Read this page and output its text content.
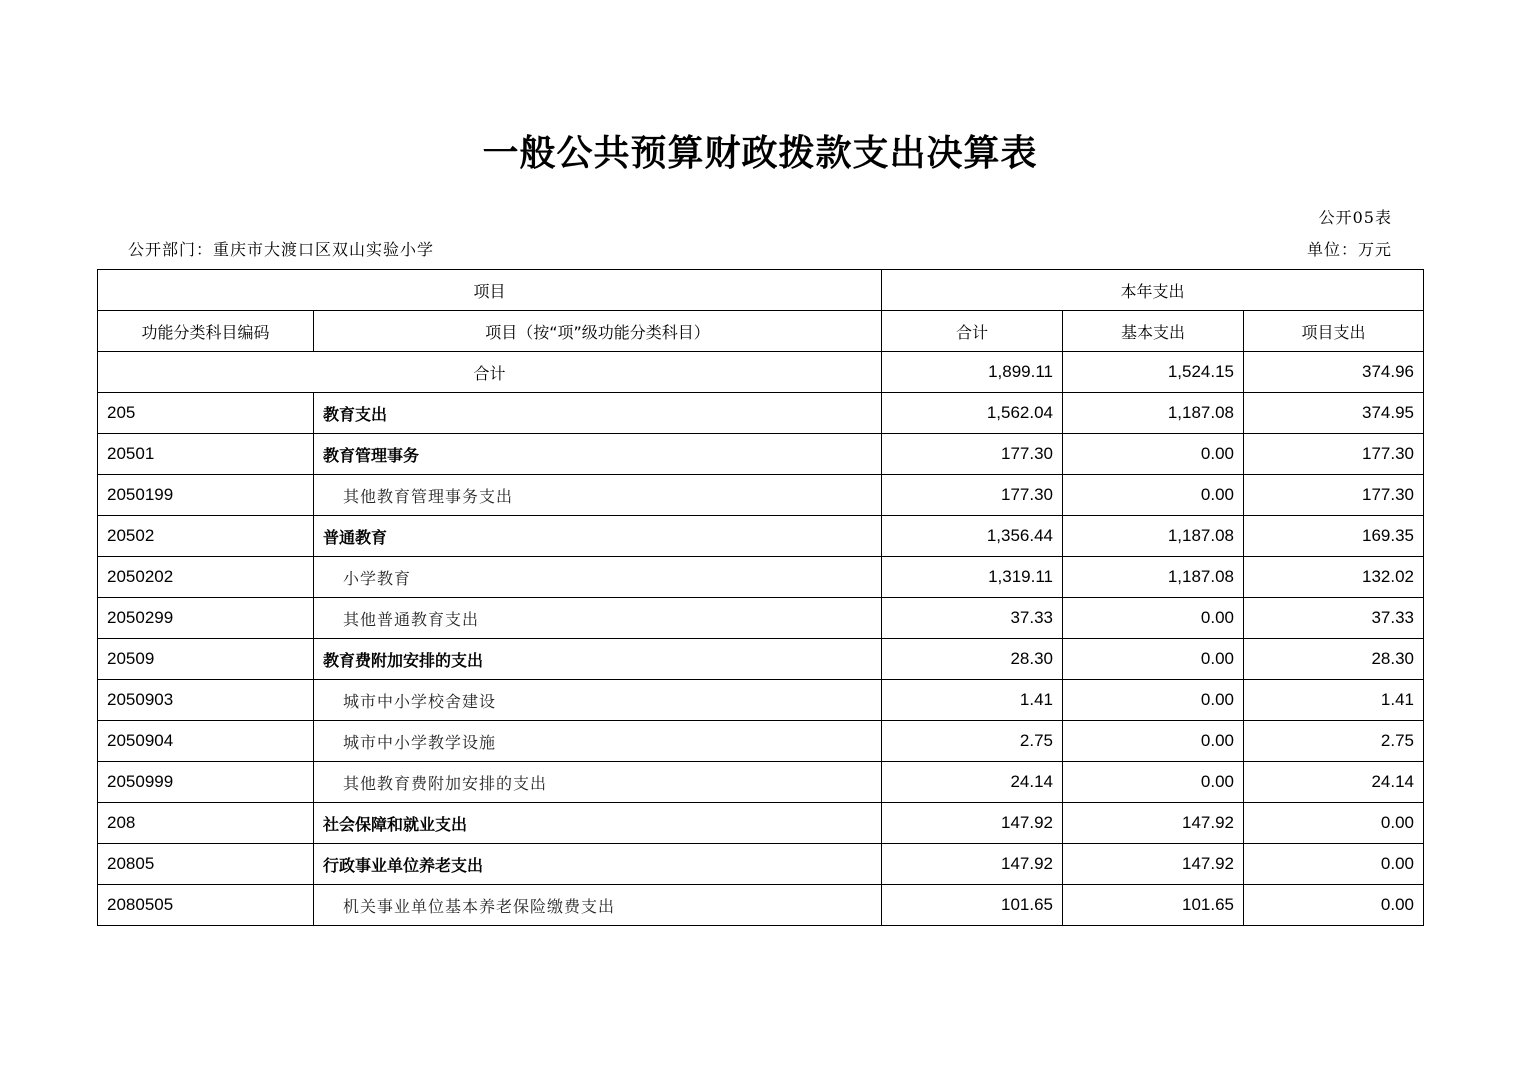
一般公共预算财政拨款支出决算表
公开05表
公开部门：重庆市大渡口区双山实验小学	单位：万元
项目		本年支出		
功能分类科目编码	项目（按“项”级功能分类科目）	合计	基本支出	项目支出
合计		1,899.11	1,524.15	374.96
205	教育支出	1,562.04	1,187.08	374.95
20501	教育管理事务	177.30	0.00	177.30
2050199	其他教育管理事务支出	177.30	0.00	177.30
20502	普通教育	1,356.44	1,187.08	169.35
2050202	小学教育	1,319.11	1,187.08	132.02
2050299	其他普通教育支出	37.33	0.00	37.33
20509	教育费附加安排的支出	28.30	0.00	28.30
2050903	城市中小学校舍建设	1.41	0.00	1.41
2050904	城市中小学教学设施	2.75	0.00	2.75
2050999	其他教育费附加安排的支出	24.14	0.00	24.14
208	社会保障和就业支出	147.92	147.92	0.00
20805	行政事业单位养老支出	147.92	147.92	0.00
2080505	机关事业单位基本养老保险缴费支出	101.65	101.65	0.00
